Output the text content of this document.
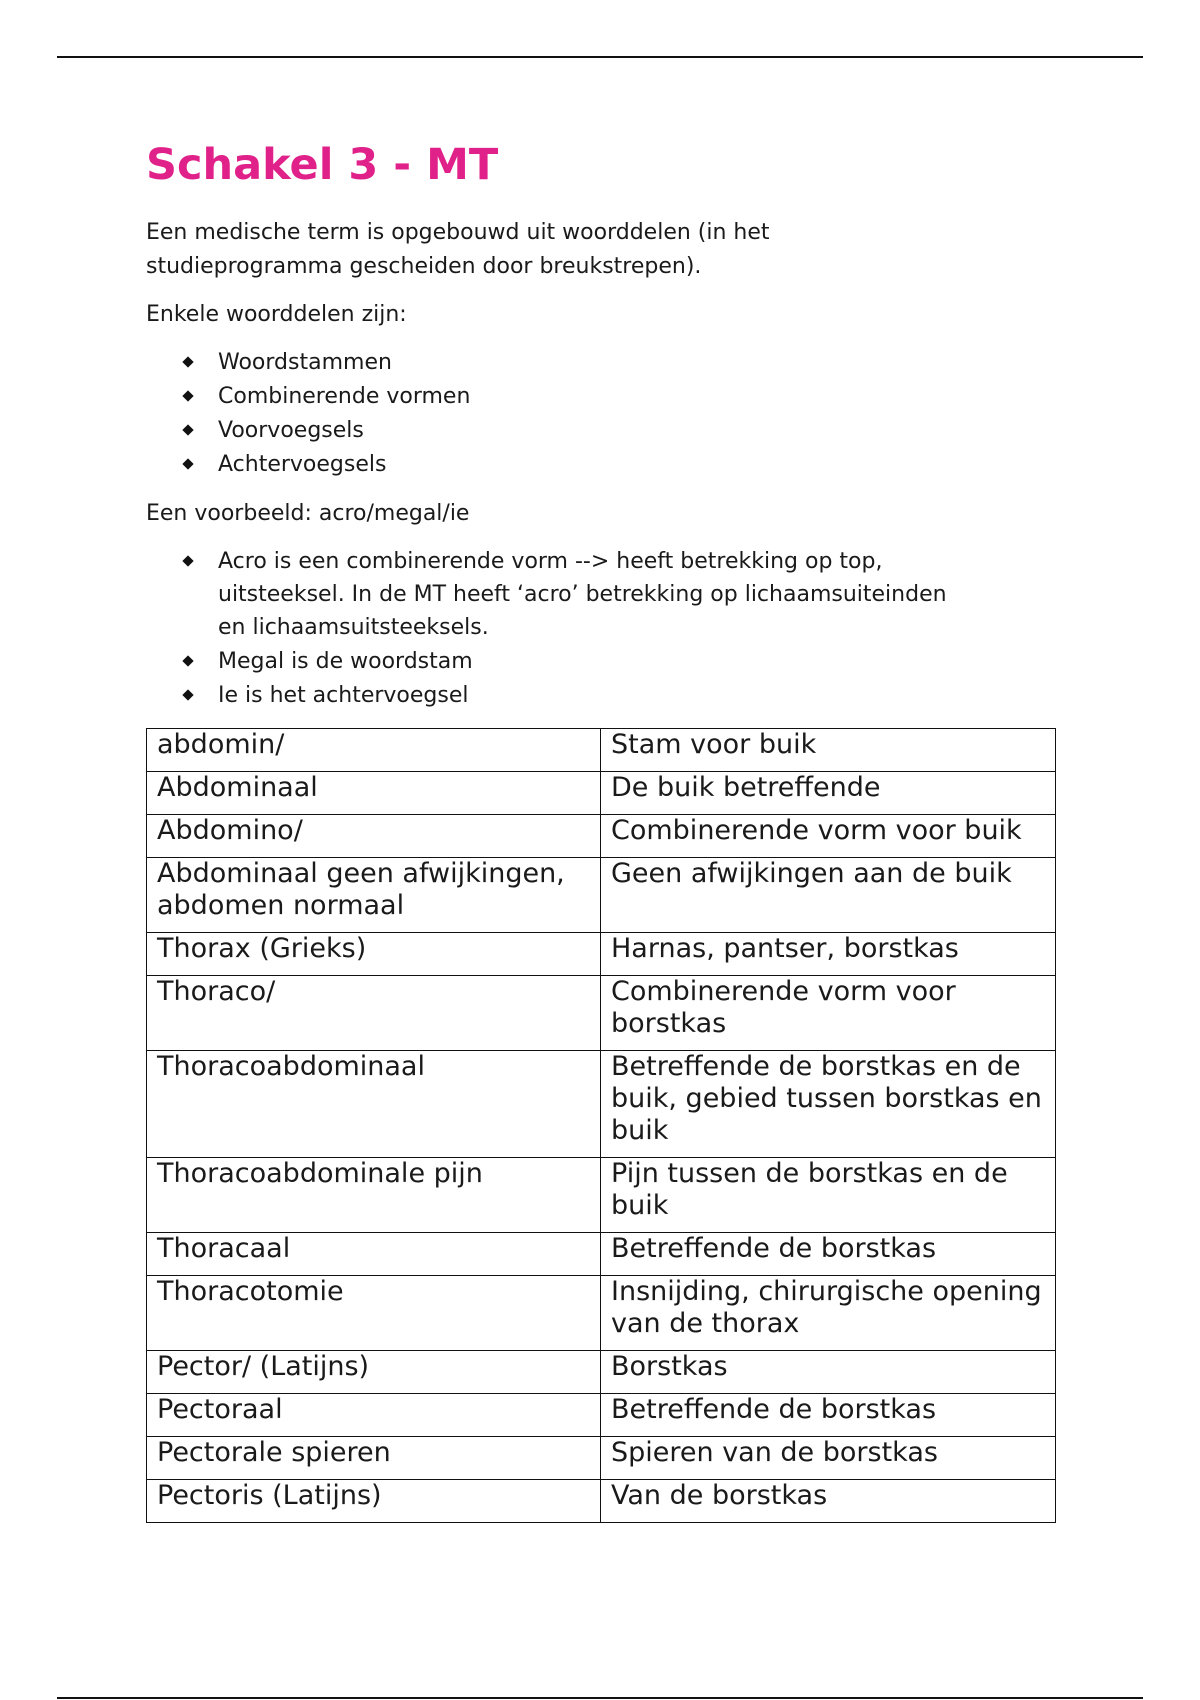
Schakel 3 - MT

Een medische term is opgebouwd uit woorddelen (in het studieprogramma gescheiden door breukstrepen).

Enkele woorddelen zijn:

Woordstammen
Combinerende vormen
Voorvoegsels
Achtervoegsels

Een voorbeeld: acro/megal/ie

Acro is een combinerende vorm --> heeft betrekking op top, uitsteeksel. In de MT heeft ‘acro’ betrekking op lichaamsuiteinden en lichaamsuitsteeksels.
Megal is de woordstam
Ie is het achtervoegsel
abdomin/	Stam voor buik
Abdominaal	De buik betreffende
Abdomino/	Combinerende vorm voor buik
Abdominaal geen afwijkingen, abdomen normaal	Geen afwijkingen aan de buik
Thorax (Grieks)	Harnas, pantser, borstkas
Thoraco/	Combinerende vorm voor borstkas
Thoracoabdominaal	Betreffende de borstkas en de buik, gebied tussen borstkas en buik
Thoracoabdominale pijn	Pijn tussen de borstkas en de buik
Thoracaal	Betreffende de borstkas
Thoracotomie	Insnijding, chirurgische opening van de thorax
Pector/ (Latijns)	Borstkas
Pectoraal	Betreffende de borstkas
Pectorale spieren	Spieren van de borstkas
Pectoris (Latijns)	Van de borstkas
